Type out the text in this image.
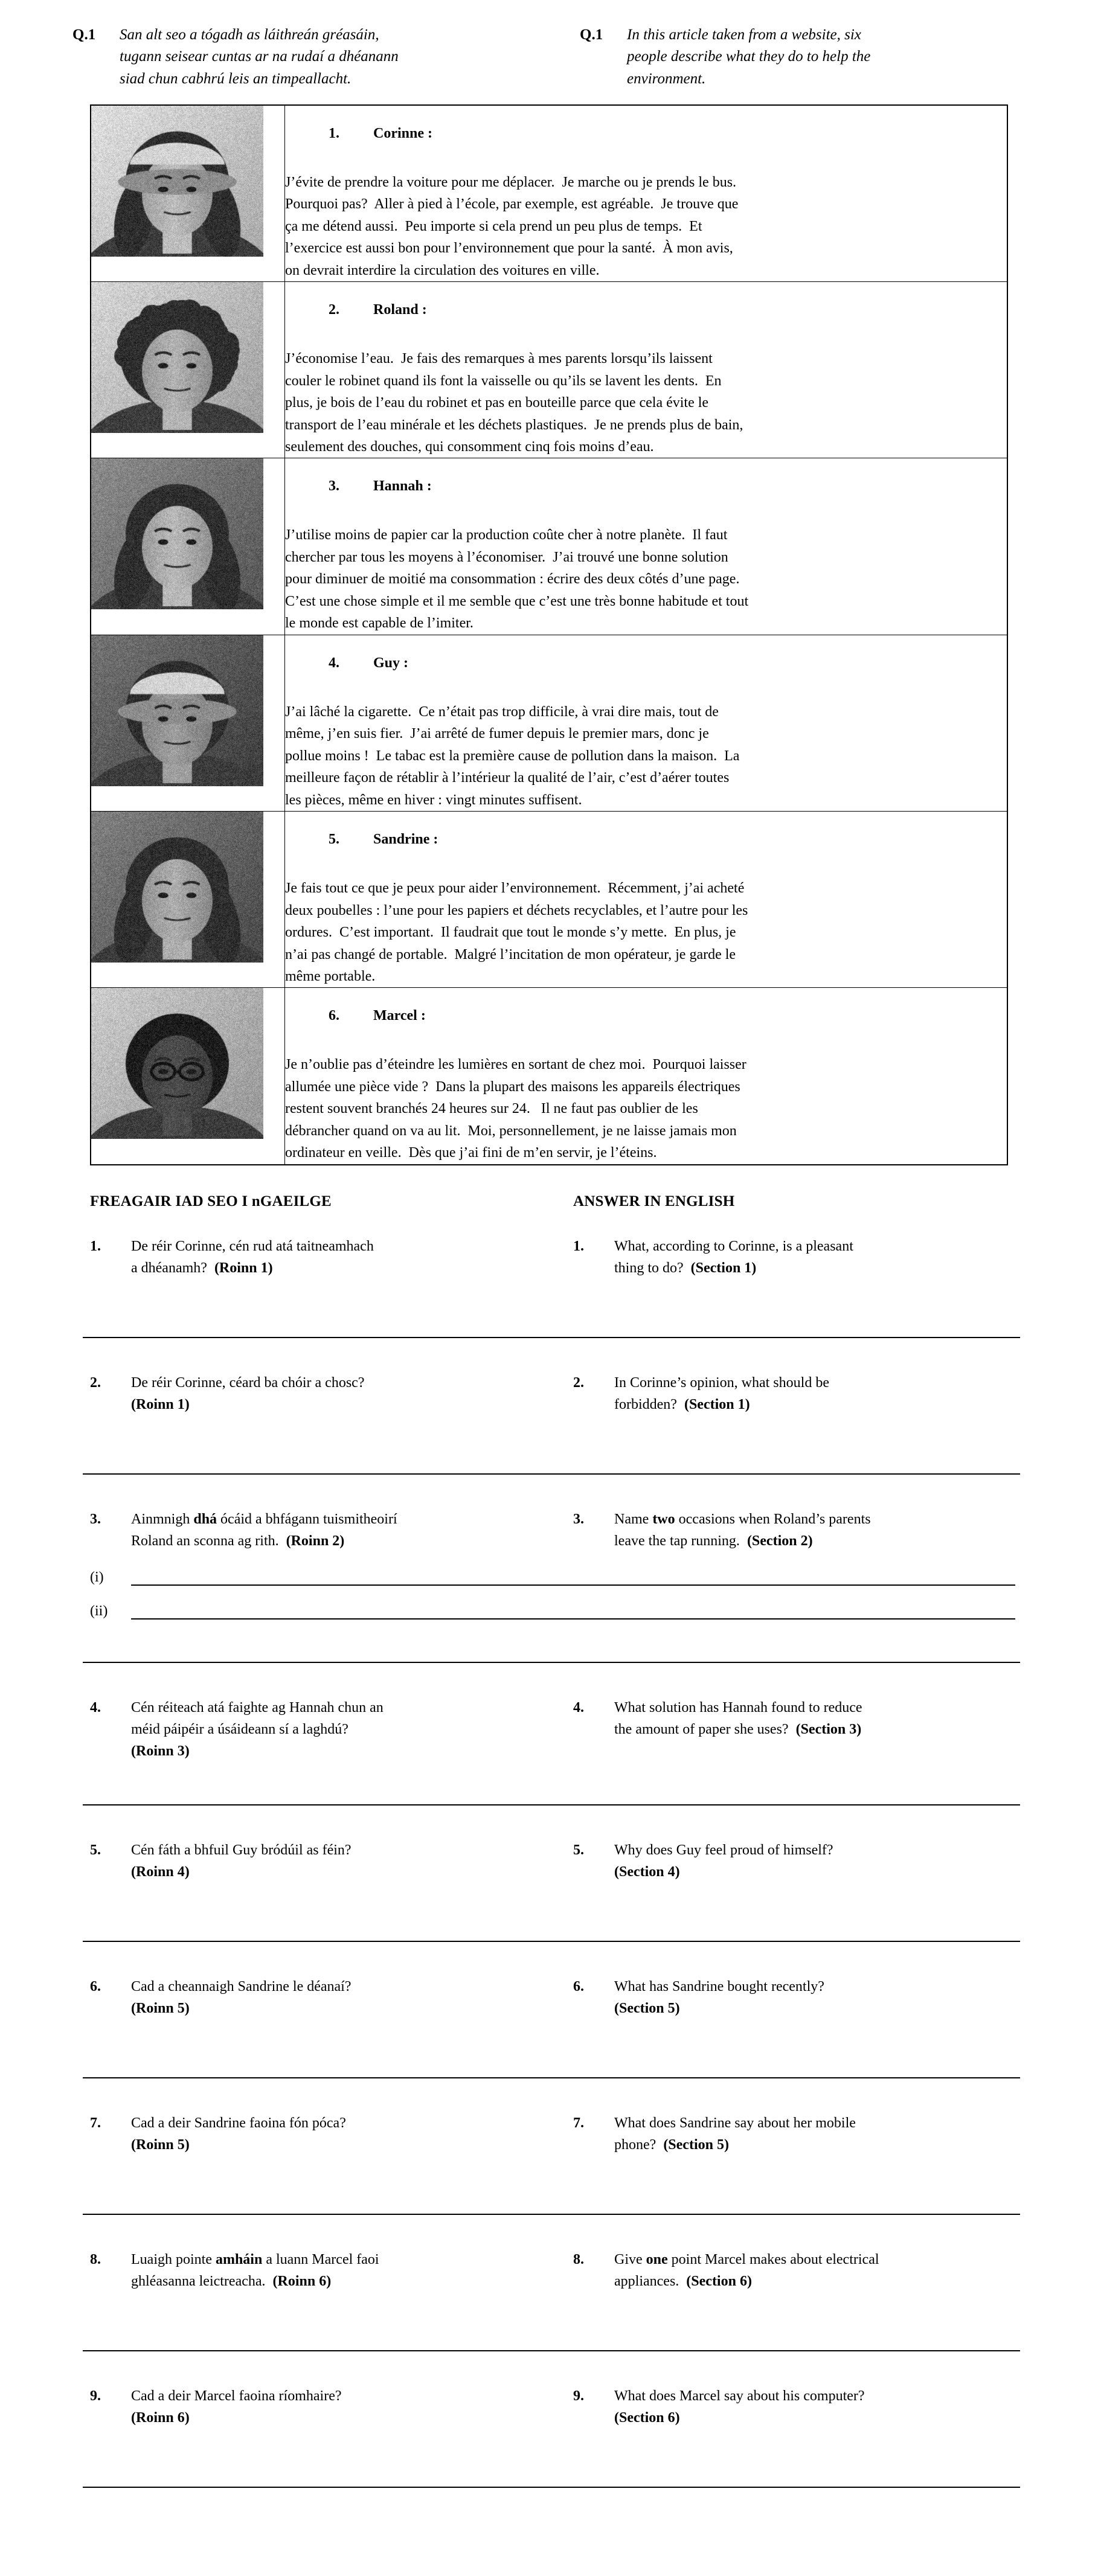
Q.1	San alt seo a tógadh as láithreán gréasáin,
tugann seisear cuntas ar na rudaí a dhéanann
siad chun cabhrú leis an timpeallacht.
Q.1	In this article taken from a website, six
people describe what they do to help the
environment.

1. Corinne :

J’évite de prendre la voiture pour me déplacer.  Je marche ou je prends le bus.
Pourquoi pas?  Aller à pied à l’école, par exemple, est agréable.  Je trouve que
ça me détend aussi.  Peu importe si cela prend un peu plus de temps.  Et
l’exercice est aussi bon pour l’environnement que pour la santé.  À mon avis,
on devrait interdire la circulation des voitures en ville.

2. Roland :

J’économise l’eau.  Je fais des remarques à mes parents lorsqu’ils laissent
couler le robinet quand ils font la vaisselle ou qu’ils se lavent les dents.  En
plus, je bois de l’eau du robinet et pas en bouteille parce que cela évite le
transport de l’eau minérale et les déchets plastiques.  Je ne prends plus de bain,
seulement des douches, qui consomment cinq fois moins d’eau.

3. Hannah :

J’utilise moins de papier car la production coûte cher à notre planète.  Il faut
chercher par tous les moyens à l’économiser.  J’ai trouvé une bonne solution
pour diminuer de moitié ma consommation : écrire des deux côtés d’une page.
C’est une chose simple et il me semble que c’est une très bonne habitude et tout
le monde est capable de l’imiter.

4. Guy :

J’ai lâché la cigarette.  Ce n’était pas trop difficile, à vrai dire mais, tout de
même, j’en suis fier.  J’ai arrêté de fumer depuis le premier mars, donc je
pollue moins !  Le tabac est la première cause de pollution dans la maison.  La
meilleure façon de rétablir à l’intérieur la qualité de l’air, c’est d’aérer toutes
les pièces, même en hiver : vingt minutes suffisent.

5. Sandrine :

Je fais tout ce que je peux pour aider l’environnement.  Récemment, j’ai acheté
deux poubelles : l’une pour les papiers et déchets recyclables, et l’autre pour les
ordures.  C’est important.  Il faudrait que tout le monde s’y mette.  En plus, je
n’ai pas changé de portable.  Malgré l’incitation de mon opérateur, je garde le
même portable.

6. Marcel :

Je n’oublie pas d’éteindre les lumières en sortant de chez moi.  Pourquoi laisser
allumée une pièce vide ?  Dans la plupart des maisons les appareils électriques
restent souvent branchés 24 heures sur 24.   Il ne faut pas oublier de les
débrancher quand on va au lit.  Moi, personnellement, je ne laisse jamais mon
ordinateur en veille.  Dès que j’ai fini de m’en servir, je l’éteins.
FREAGAIR IAD SEO I nGAEILGE	ANSWER IN ENGLISH
1.	De réir Corinne, cén rud atá taitneamhach
a dhéanamh?  (Roinn 1)
1.	What, according to Corinne, is a pleasant
thing to do?  (Section 1)
2.	De réir Corinne, céard ba chóir a chosc?
(Roinn 1)
2.	In Corinne’s opinion, what should be
forbidden?  (Section 1)
3.	Ainmnigh dhá ócáid a bhfágann tuismitheoirí
Roland an sconna ag rith.  (Roinn 2)
3.	Name two occasions when Roland’s parents
leave the tap running.  (Section 2)
(i)
(ii)
4.	Cén réiteach atá faighte ag Hannah chun an
méid páipéir a úsáideann sí a laghdú?
(Roinn 3)
4.	What solution has Hannah found to reduce
the amount of paper she uses?  (Section 3)
5.	Cén fáth a bhfuil Guy bródúil as féin?
(Roinn 4)
5.	Why does Guy feel proud of himself?
(Section 4)
6.	Cad a cheannaigh Sandrine le déanaí?
(Roinn 5)
6.	What has Sandrine bought recently?
(Section 5)
7.	Cad a deir Sandrine faoina fón póca?
(Roinn 5)
7.	What does Sandrine say about her mobile
phone?  (Section 5)
8.	Luaigh pointe amháin a luann Marcel faoi
ghléasanna leictreacha.  (Roinn 6)
8.	Give one point Marcel makes about electrical
appliances.  (Section 6)
9.	Cad a deir Marcel faoina ríomhaire?
(Roinn 6)
9.	What does Marcel say about his computer?
(Section 6)
